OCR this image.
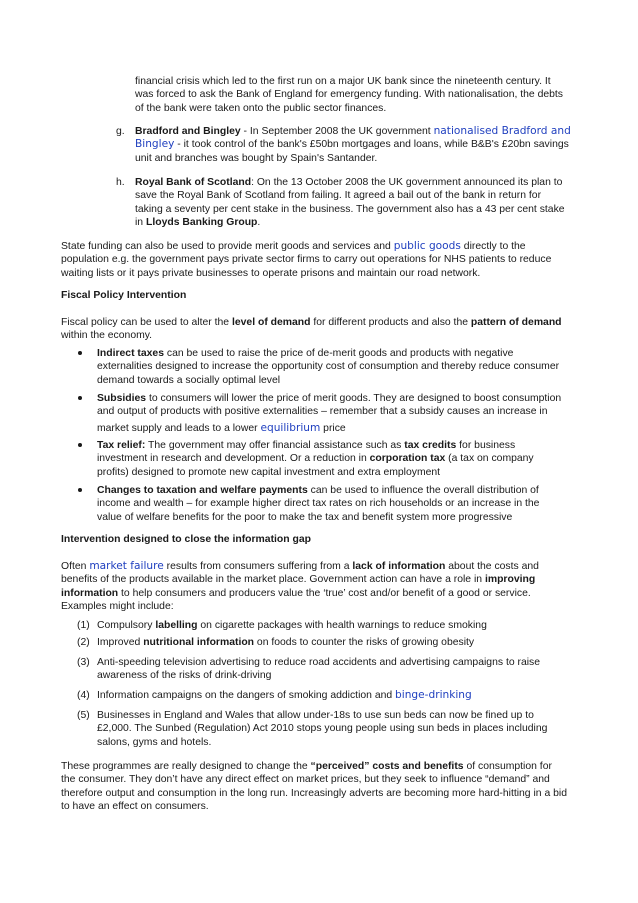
financial crisis which led to the first run on a major UK bank since the nineteenth century. It

was forced to ask the Bank of England for emergency funding. With nationalisation, the debts

of the bank were taken onto the public sector finances.

g. Bradford and Bingley - In September 2008 the UK government nationalised Bradford and

Bingley - it took control of the bank's £50bn mortgages and loans, while B&B's £20bn savings

unit and branches was bought by Spain's Santander.

h. Royal Bank of Scotland: On the 13 October 2008 the UK government announced its plan to

save the Royal Bank of Scotland from failing. It agreed a bail out of the bank in return for

taking a seventy per cent stake in the business. The government also has a 43 per cent stake

in Lloyds Banking Group.

State funding can also be used to provide merit goods and services and public goods directly to the

population e.g. the government pays private sector firms to carry out operations for NHS patients to reduce

waiting lists or it pays private businesses to operate prisons and maintain our road network.

Fiscal Policy Intervention

Fiscal policy can be used to alter the level of demand for different products and also the pattern of demand

within the economy.

Indirect taxes can be used to raise the price of de-merit goods and products with negative

externalities designed to increase the opportunity cost of consumption and thereby reduce consumer

demand towards a socially optimal level

Subsidies to consumers will lower the price of merit goods. They are designed to boost consumption

and output of products with positive externalities – remember that a subsidy causes an increase in

market supply and leads to a lower equilibrium price

Tax relief: The government may offer financial assistance such as tax credits for business

investment in research and development. Or a reduction in corporation tax (a tax on company

profits) designed to promote new capital investment and extra employment

Changes to taxation and welfare payments can be used to influence the overall distribution of

income and wealth – for example higher direct tax rates on rich households or an increase in the

value of welfare benefits for the poor to make the tax and benefit system more progressive

Intervention designed to close the information gap

Often market failure results from consumers suffering from a lack of information about the costs and

benefits of the products available in the market place. Government action can have a role in improving

information to help consumers and producers value the ‘true’ cost and/or benefit of a good or service.

Examples might include:

(1) Compulsory labelling on cigarette packages with health warnings to reduce smoking

(2) Improved nutritional information on foods to counter the risks of growing obesity

(3) Anti-speeding television advertising to reduce road accidents and advertising campaigns to raise

awareness of the risks of drink-driving

(4) Information campaigns on the dangers of smoking addiction and binge-drinking

(5) Businesses in England and Wales that allow under-18s to use sun beds can now be fined up to

£2,000. The Sunbed (Regulation) Act 2010 stops young people using sun beds in places including

salons, gyms and hotels.

These programmes are really designed to change the “perceived” costs and benefits of consumption for

the consumer. They don’t have any direct effect on market prices, but they seek to influence “demand” and

therefore output and consumption in the long run. Increasingly adverts are becoming more hard-hitting in a bid

to have an effect on consumers.
